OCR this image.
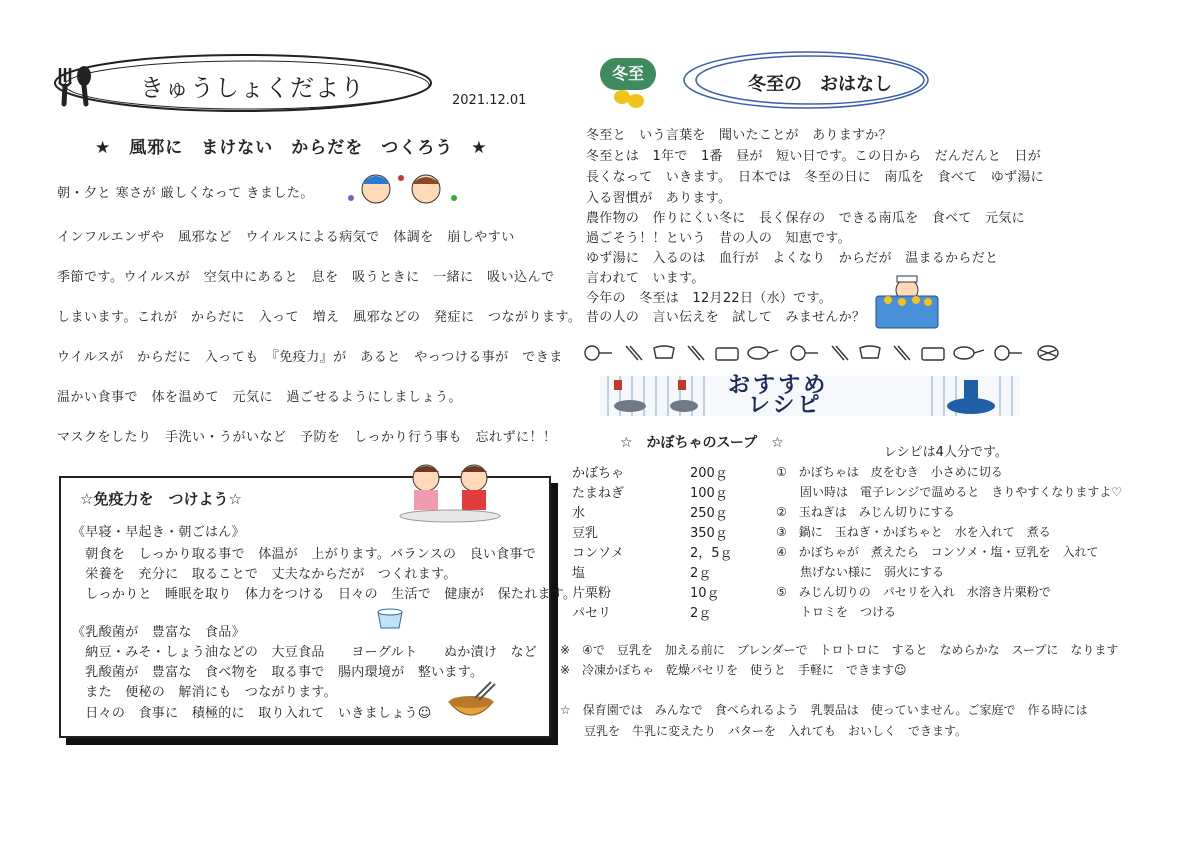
きゅうしょくだより	2021.12.01
★　風邪に　まけない　からだを　つくろう　★
朝・夕と 寒さが 厳しくなって きました。
インフルエンザや　風邪など　ウイルスによる病気で　体調を　崩しやすい
季節です。ウイルスが　空気中にあると　息を　吸うときに　一緒に　吸い込んで
しまいます。これが　からだに　入って　増え　風邪などの　発症に　つながります。
ウイルスが　からだに　入っても　『免疫力』が　あると　やっつける事が　できま
温かい食事で　体を温めて　元気に　過ごせるようにしましょう。
マスクをしたり　手洗い・うがいなど　予防を　しっかり行う事も　忘れずに！！
☆免疫力を　つけよう☆
《早寝・早起き・朝ごはん》
　朝食を　しっかり取る事で　体温が　上がります。バランスの　良い食事で
　栄養を　充分に　取ることで　丈夫なからだが　つくれます。
　しっかりと　睡眠を取り　体力をつける　日々の　生活で　健康が　保たれます。
《乳酸菌が　豊富な　食品》
　納豆・みそ・しょう油などの　大豆食品　　ヨーグルト　　ぬか漬け　など
　乳酸菌が　豊富な　食べ物を　取る事で　腸内環境が　整います。
　また　便秘の　解消にも　つながります。
　日々の　食事に　積極的に　取り入れて　いきましょう☺
冬至
冬至の　おはなし
冬至と　いう言葉を　聞いたことが　ありますか？
冬至とは　1年で　1番　昼が　短い日です。この日から　だんだんと　日が
長くなって　いきます。　日本では　冬至の日に　南瓜を　食べて　ゆず湯に
入る習慣が　あります。
農作物の　作りにくい冬に　長く保存の　できる南瓜を　食べて　元気に
過ごそう！！という　昔の人の　知恵です。
ゆず湯に　入るのは　血行が　よくなり　からだが　温まるからだと
言われて　います。
今年の　冬至は　12月22日（水）です。
昔の人の　言い伝えを　試して　みませんか？
おすすめ
レシピ
☆　かぼちゃのスープ　☆
レシピは4人分です。
かぼちゃ	200ｇ
たまねぎ	100ｇ
水	250ｇ
豆乳	350ｇ
コンソメ	2，5ｇ
塩	2ｇ
片栗粉	10ｇ
パセリ	2ｇ
①　かぼちゃは　皮をむき　小さめに切る
　　固い時は　電子レンジで温めると　きりやすくなりますよ♡
②　玉ねぎは　みじん切りにする
③　鍋に　玉ねぎ・かぼちゃと　水を入れて　煮る
④　かぼちゃが　煮えたら　コンソメ・塩・豆乳を　入れて
　　焦げない様に　弱火にする
⑤　みじん切りの　パセリを入れ　水溶き片栗粉で
　　トロミを　つける
※　④で　豆乳を　加える前に　ブレンダーで　トロトロに　すると　なめらかな　スープに　なります
※　冷凍かぼちゃ　乾燥パセリを　使うと　手軽に　できます☺
☆　保育園では　みんなで　食べられるよう　乳製品は　使っていません。ご家庭で　作る時には
　　豆乳を　牛乳に変えたり　バターを　入れても　おいしく　できます。
